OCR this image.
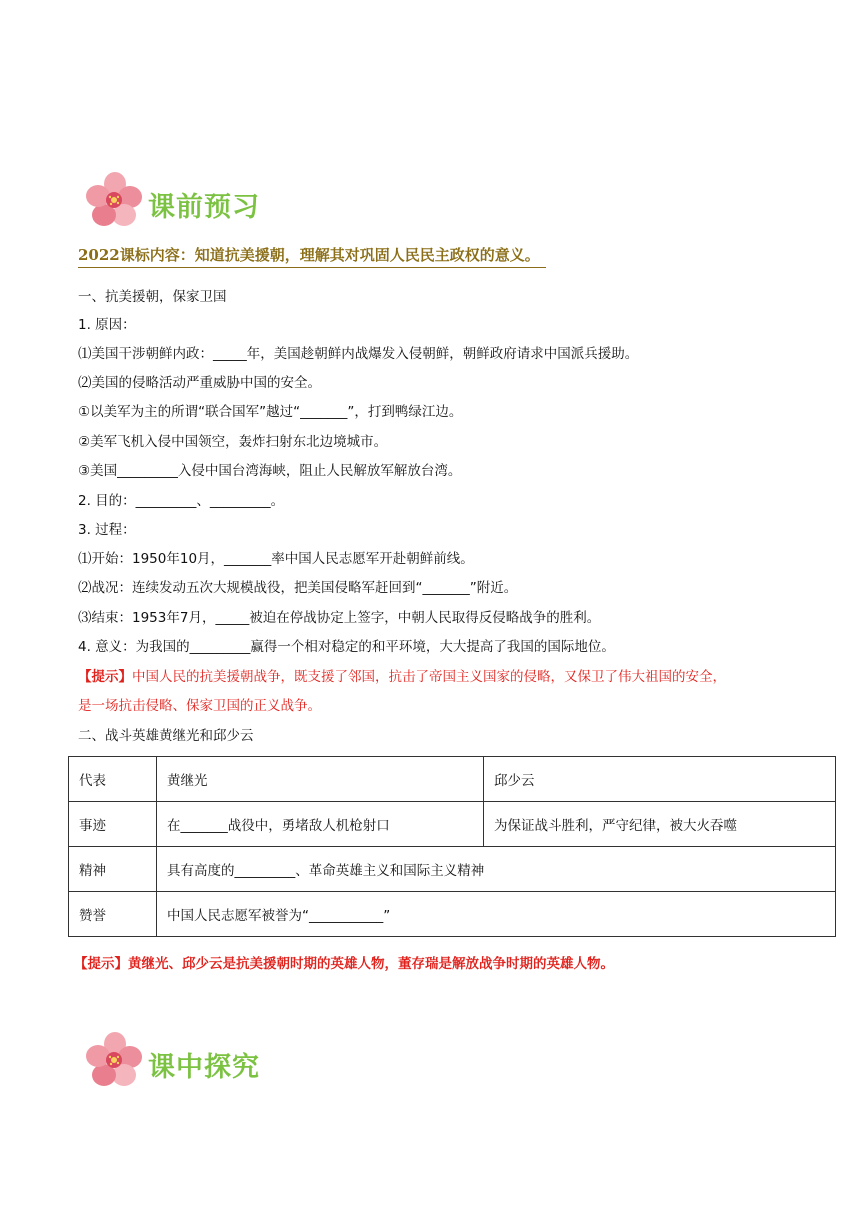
课前预习
2022课标内容：知道抗美援朝，理解其对巩固人民民主政权的意义。
一、抗美援朝，保家卫国
1. 原因：
⑴美国干涉朝鲜内政：_____年，美国趁朝鲜内战爆发入侵朝鲜，朝鲜政府请求中国派兵援助。
⑵美国的侵略活动严重威胁中国的安全。
①以美军为主的所谓“联合国军”越过“_______”，打到鸭绿江边。
②美军飞机入侵中国领空，轰炸扫射东北边境城市。
③美国_________入侵中国台湾海峡，阻止人民解放军解放台湾。
2. 目的：_________、_________。
3. 过程：
⑴开始：1950年10月，_______率中国人民志愿军开赴朝鲜前线。
⑵战况：连续发动五次大规模战役，把美国侵略军赶回到“_______”附近。
⑶结束：1953年7月，_____被迫在停战协定上签字，中朝人民取得反侵略战争的胜利。
4. 意义：为我国的_________赢得一个相对稳定的和平环境，大大提高了我国的国际地位。
【提示】中国人民的抗美援朝战争，既支援了邻国，抗击了帝国主义国家的侵略，又保卫了伟大祖国的安全，
是一场抗击侵略、保家卫国的正义战争。
二、战斗英雄黄继光和邱少云
代表	黄继光	邱少云
事迹	在_______战役中，勇堵敌人机枪射口	为保证战斗胜利，严守纪律，被大火吞噬
精神	具有高度的_________、革命英雄主义和国际主义精神	
赞誉	中国人民志愿军被誉为“___________”	
【提示】黄继光、邱少云是抗美援朝时期的英雄人物，董存瑞是解放战争时期的英雄人物。
课中探究
